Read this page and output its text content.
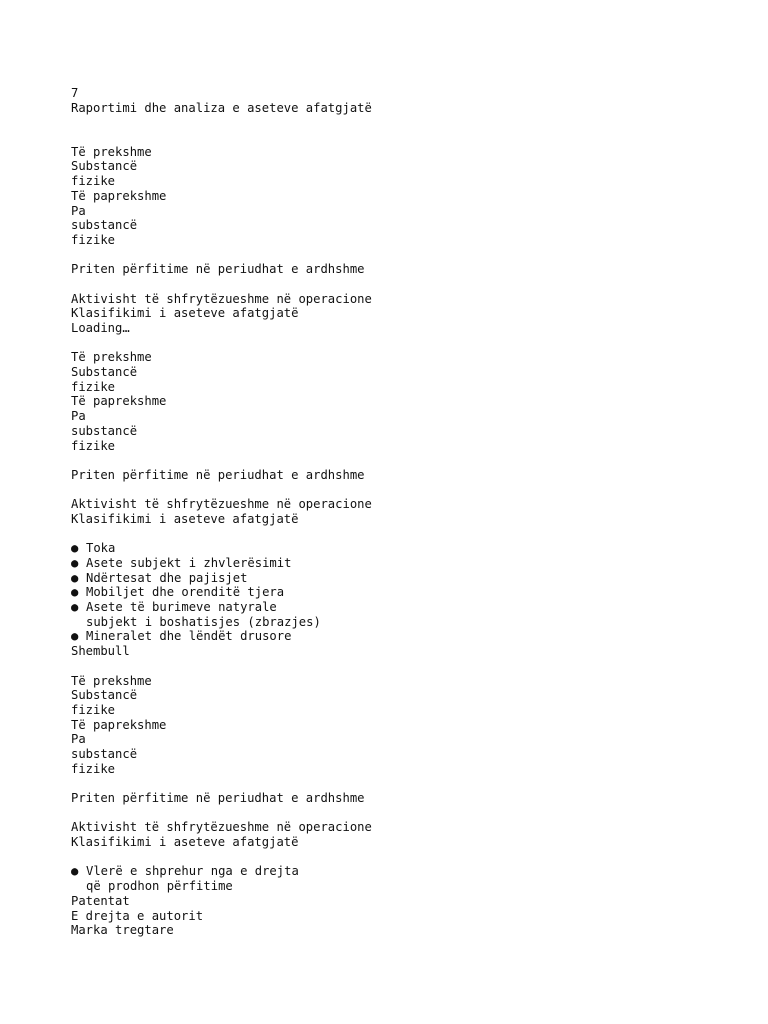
7
Raportimi dhe analiza e aseteve afatgjatë
Të prekshme
Substancë
fizike
Të paprekshme
Pa
substancë
fizike
Priten përfitime në periudhat e ardhshme
Aktivisht të shfrytëzueshme në operacione
Klasifikimi i aseteve afatgjatë
Loading…
Të prekshme
Substancë
fizike
Të paprekshme
Pa
substancë
fizike
Priten përfitime në periudhat e ardhshme
Aktivisht të shfrytëzueshme në operacione
Klasifikimi i aseteve afatgjatë
● Toka
● Asete subjekt i zhvlerësimit
● Ndërtesat dhe pajisjet
● Mobiljet dhe orenditë tjera
● Asete të burimeve natyrale
subjekt i boshatisjes (zbrazjes)
● Mineralet dhe lëndët drusore
Shembull
Të prekshme
Substancë
fizike
Të paprekshme
Pa
substancë
fizike
Priten përfitime në periudhat e ardhshme
Aktivisht të shfrytëzueshme në operacione
Klasifikimi i aseteve afatgjatë
● Vlerë e shprehur nga e drejta
që prodhon përfitime
Patentat
E drejta e autorit
Marka tregtare
